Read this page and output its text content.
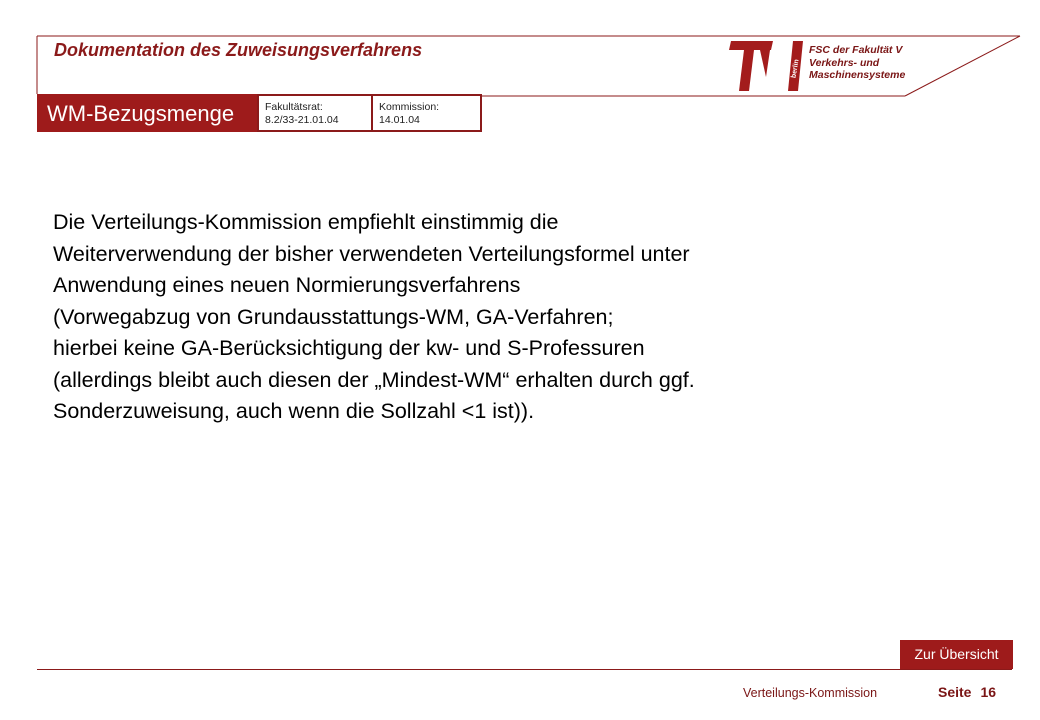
Dokumentation des Zuweisungsverfahrens
berlin
FSC der Fakultät V
Verkehrs- und
Maschinensysteme
WM-Bezugsmenge	Fakultätsrat:
8.2/33-21.01.04
Kommission:
14.01.04
Die Verteilungs-Kommission empfiehlt einstimmig die
Weiterverwendung der bisher verwendeten Verteilungsformel unter
Anwendung eines neuen Normierungsverfahrens
(Vorwegabzug von Grundausstattungs-WM, GA-Verfahren;
hierbei keine GA-Berücksichtigung der kw- und S-Professuren
(allerdings bleibt auch diesen der „Mindest-WM“ erhalten durch ggf.
Sonderzuweisung, auch wenn die Sollzahl <1 ist)).
Zur Übersicht
Verteilungs-Kommission	Seite 16
